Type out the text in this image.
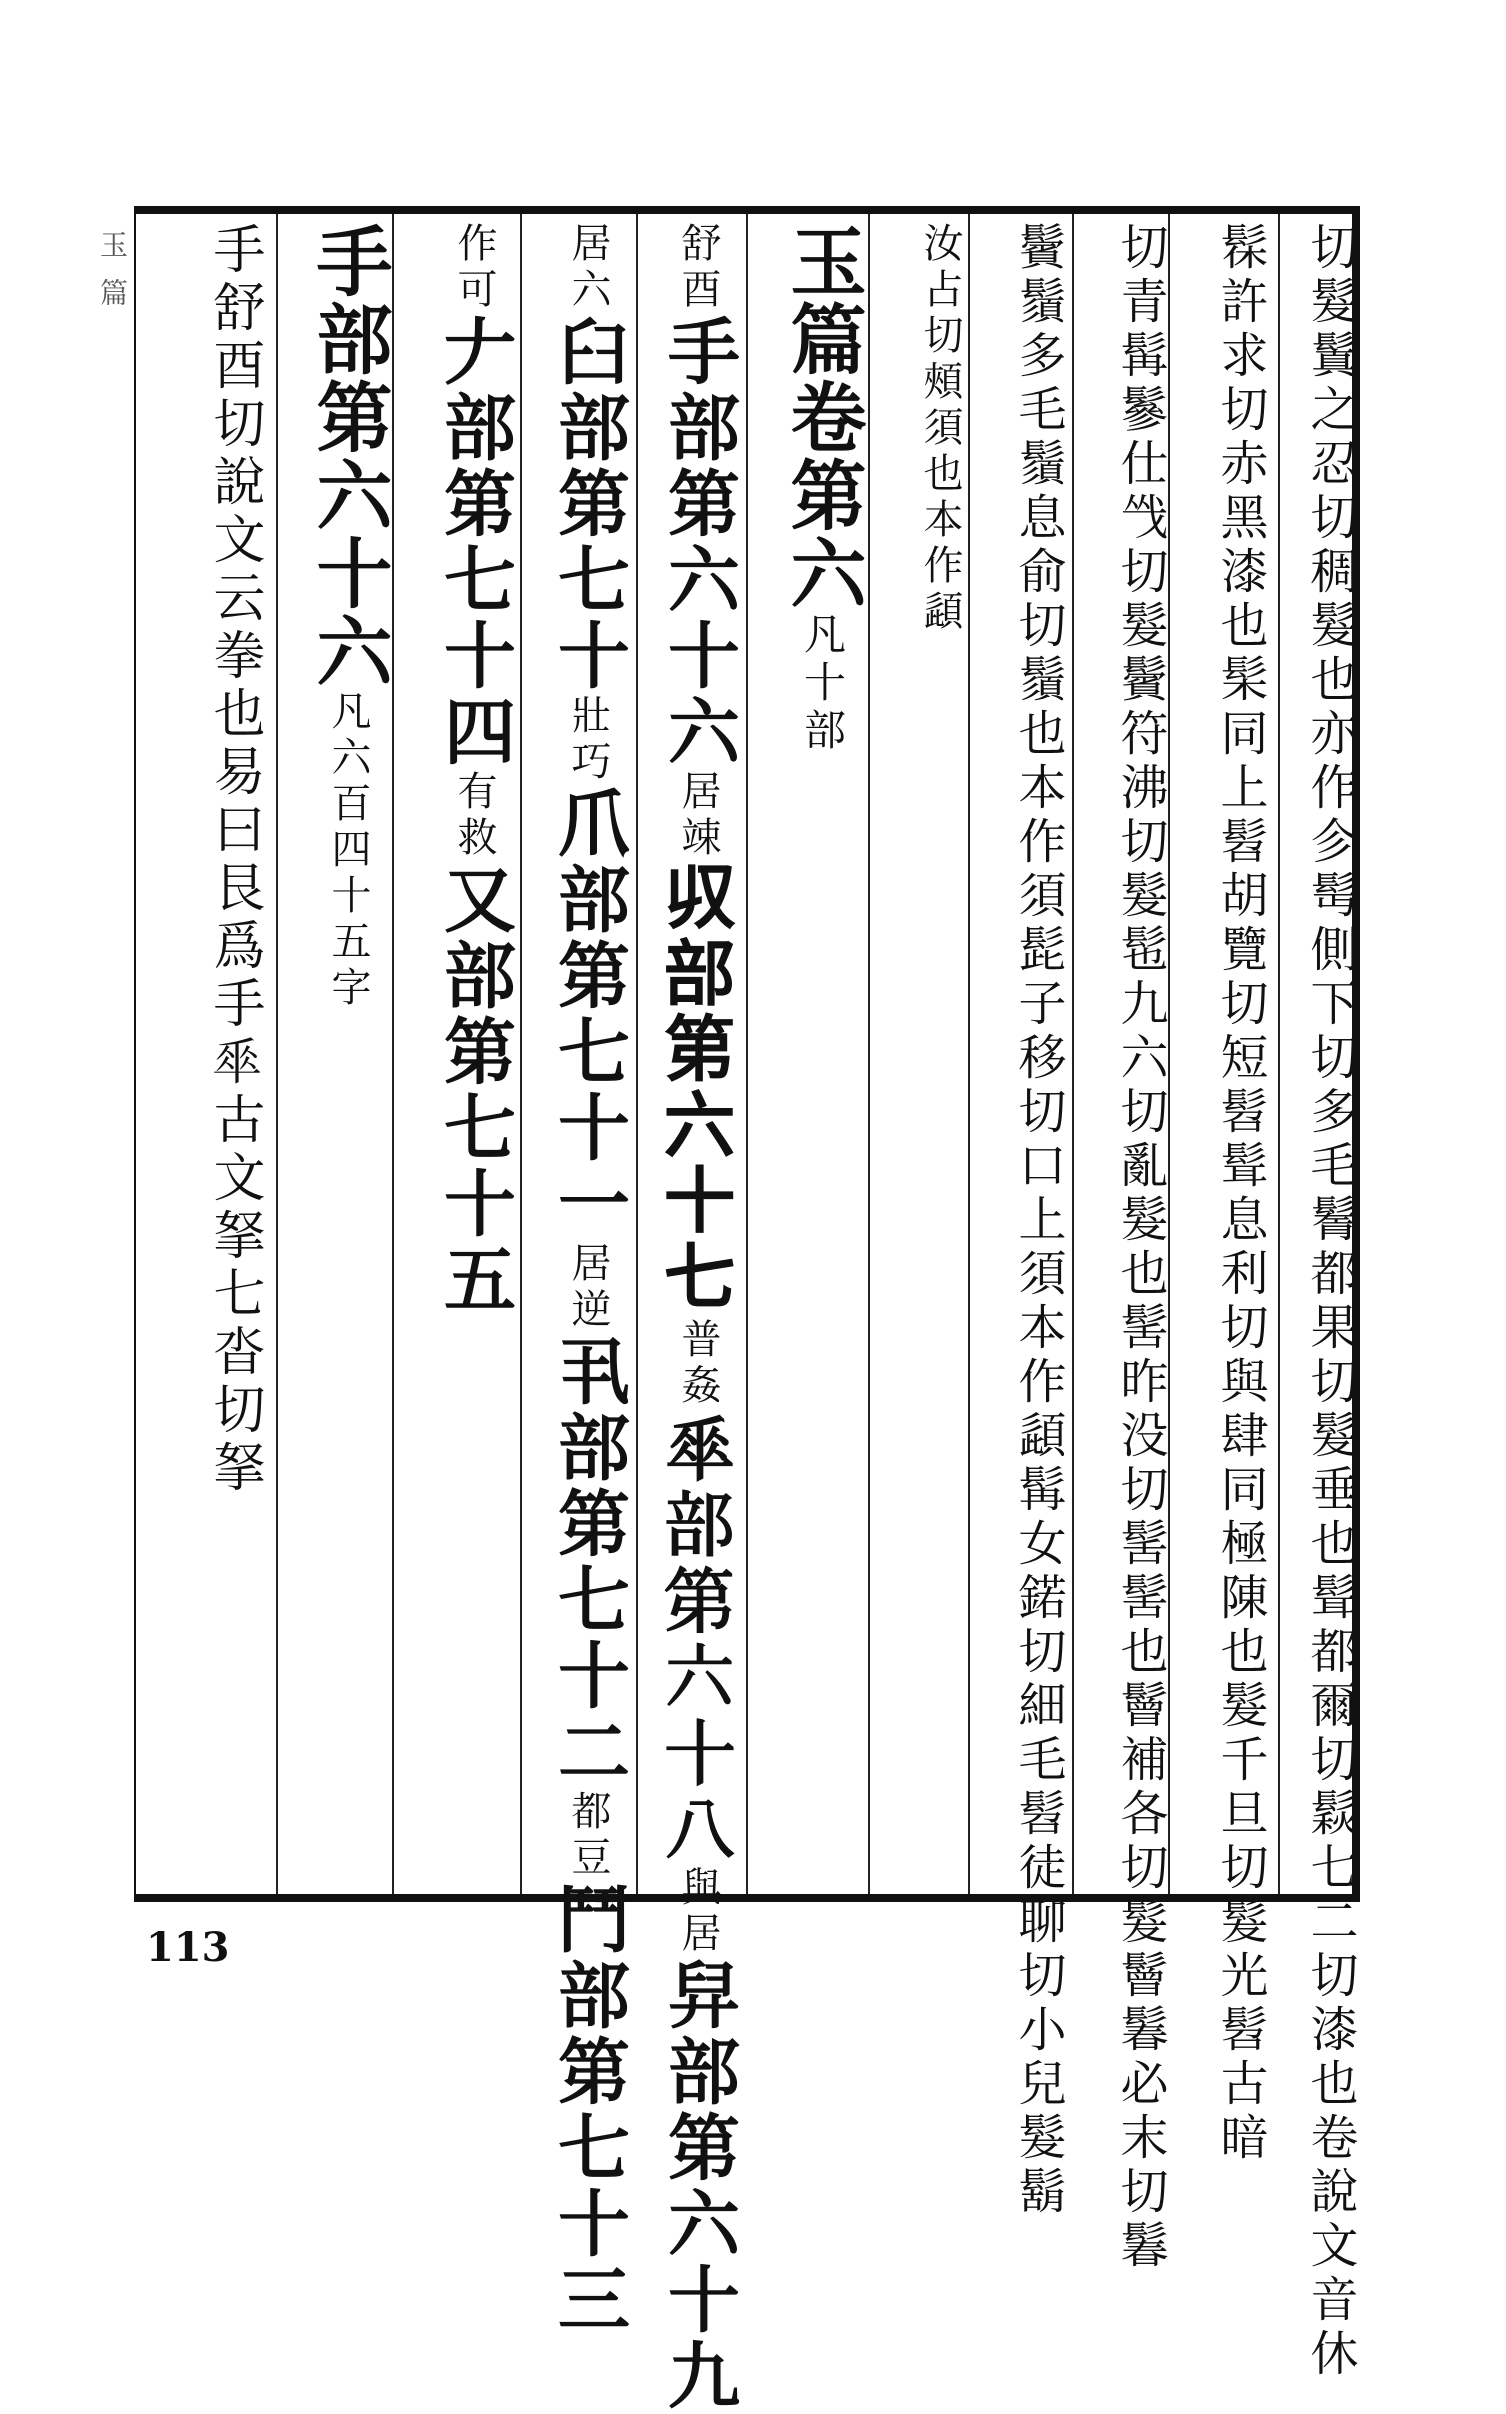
玉篇	切髮鬒之忍切稠髮也亦作㐱髩側下切多毛鬌都果切髮垂也髶都爾切鬏七二切漆也卷說文音休
髹許求切赤黑漆也髤同上髫胡覽切短髫髶息利切與肆同極陳也髮千旦切髮光髫古暗
切青髯鬖仕㦰切髮鬢符沸切髮髢九六切亂髮也髺昨没切髺髺也鬙補各切髮鬙鬊必末切鬊
鬢鬚多毛鬚息俞切鬚也本作須髭子移切口上須本作頿髯女鍩切細毛髫徒聊切小兒髮鬍
汝占切頰須也本作頿
玉篇卷第六凡十部
舒酉手部第六十六居竦𠬞部第六十七普姦𠦬部第六十八與居舁部第六十九
居六臼部第七十壯巧爪部第七十一居逆丮部第七十二都豆鬥部第七十三
作可𠂇部第七十四有救又部第七十五
手部第六十六凡六百四十五字
手舒酉切說文云拳也易曰艮爲手𠦬古文拏七沓切拏
113
